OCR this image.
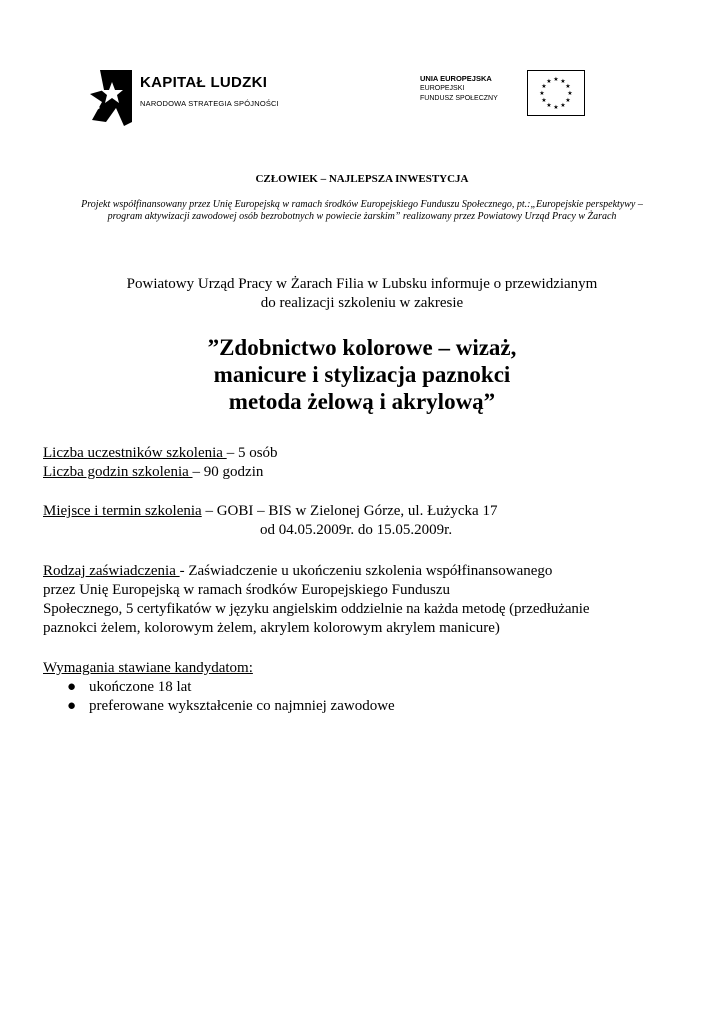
KAPITAŁ LUDZKI
NARODOWA STRATEGIA SPÓJNOŚCI
UNIA EUROPEJSKA
EUROPEJSKI
FUNDUSZ SPOŁECZNY
★ ★
★
★
★
★
★
★
★
★
★
★
CZŁOWIEK – NAJLEPSZA INWESTYCJA
Projekt współfinansowany przez Unię Europejską w ramach środków Europejskiego Funduszu Społecznego, pt.:„Europejskie perspektywy –
program aktywizacji zawodowej osób bezrobotnych w powiecie żarskim” realizowany przez Powiatowy Urząd Pracy w Żarach
Powiatowy Urząd Pracy w Żarach Filia w Lubsku informuje o przewidzianym
do realizacji szkoleniu w zakresie
”Zdobnictwo kolorowe – wizaż,
manicure i stylizacja paznokci
metoda żelową i akrylową”
Liczba uczestników szkolenia – 5 osób
Liczba godzin szkolenia – 90 godzin
Miejsce i termin szkolenia – GOBI – BIS w Zielonej Górze, ul. Łużycka 17
od 04.05.2009r. do 15.05.2009r.
Rodzaj zaświadczenia - Zaświadczenie u ukończeniu szkolenia współfinansowanego
przez Unię Europejską w ramach środków Europejskiego Funduszu
Społecznego, 5 certyfikatów w języku angielskim oddzielnie na każda metodę (przedłużanie
paznokci żelem, kolorowym żelem, akrylem kolorowym akrylem manicure)
Wymagania stawiane kandydatom:
● ukończone 18 lat
● preferowane wykształcenie co najmniej zawodowe
